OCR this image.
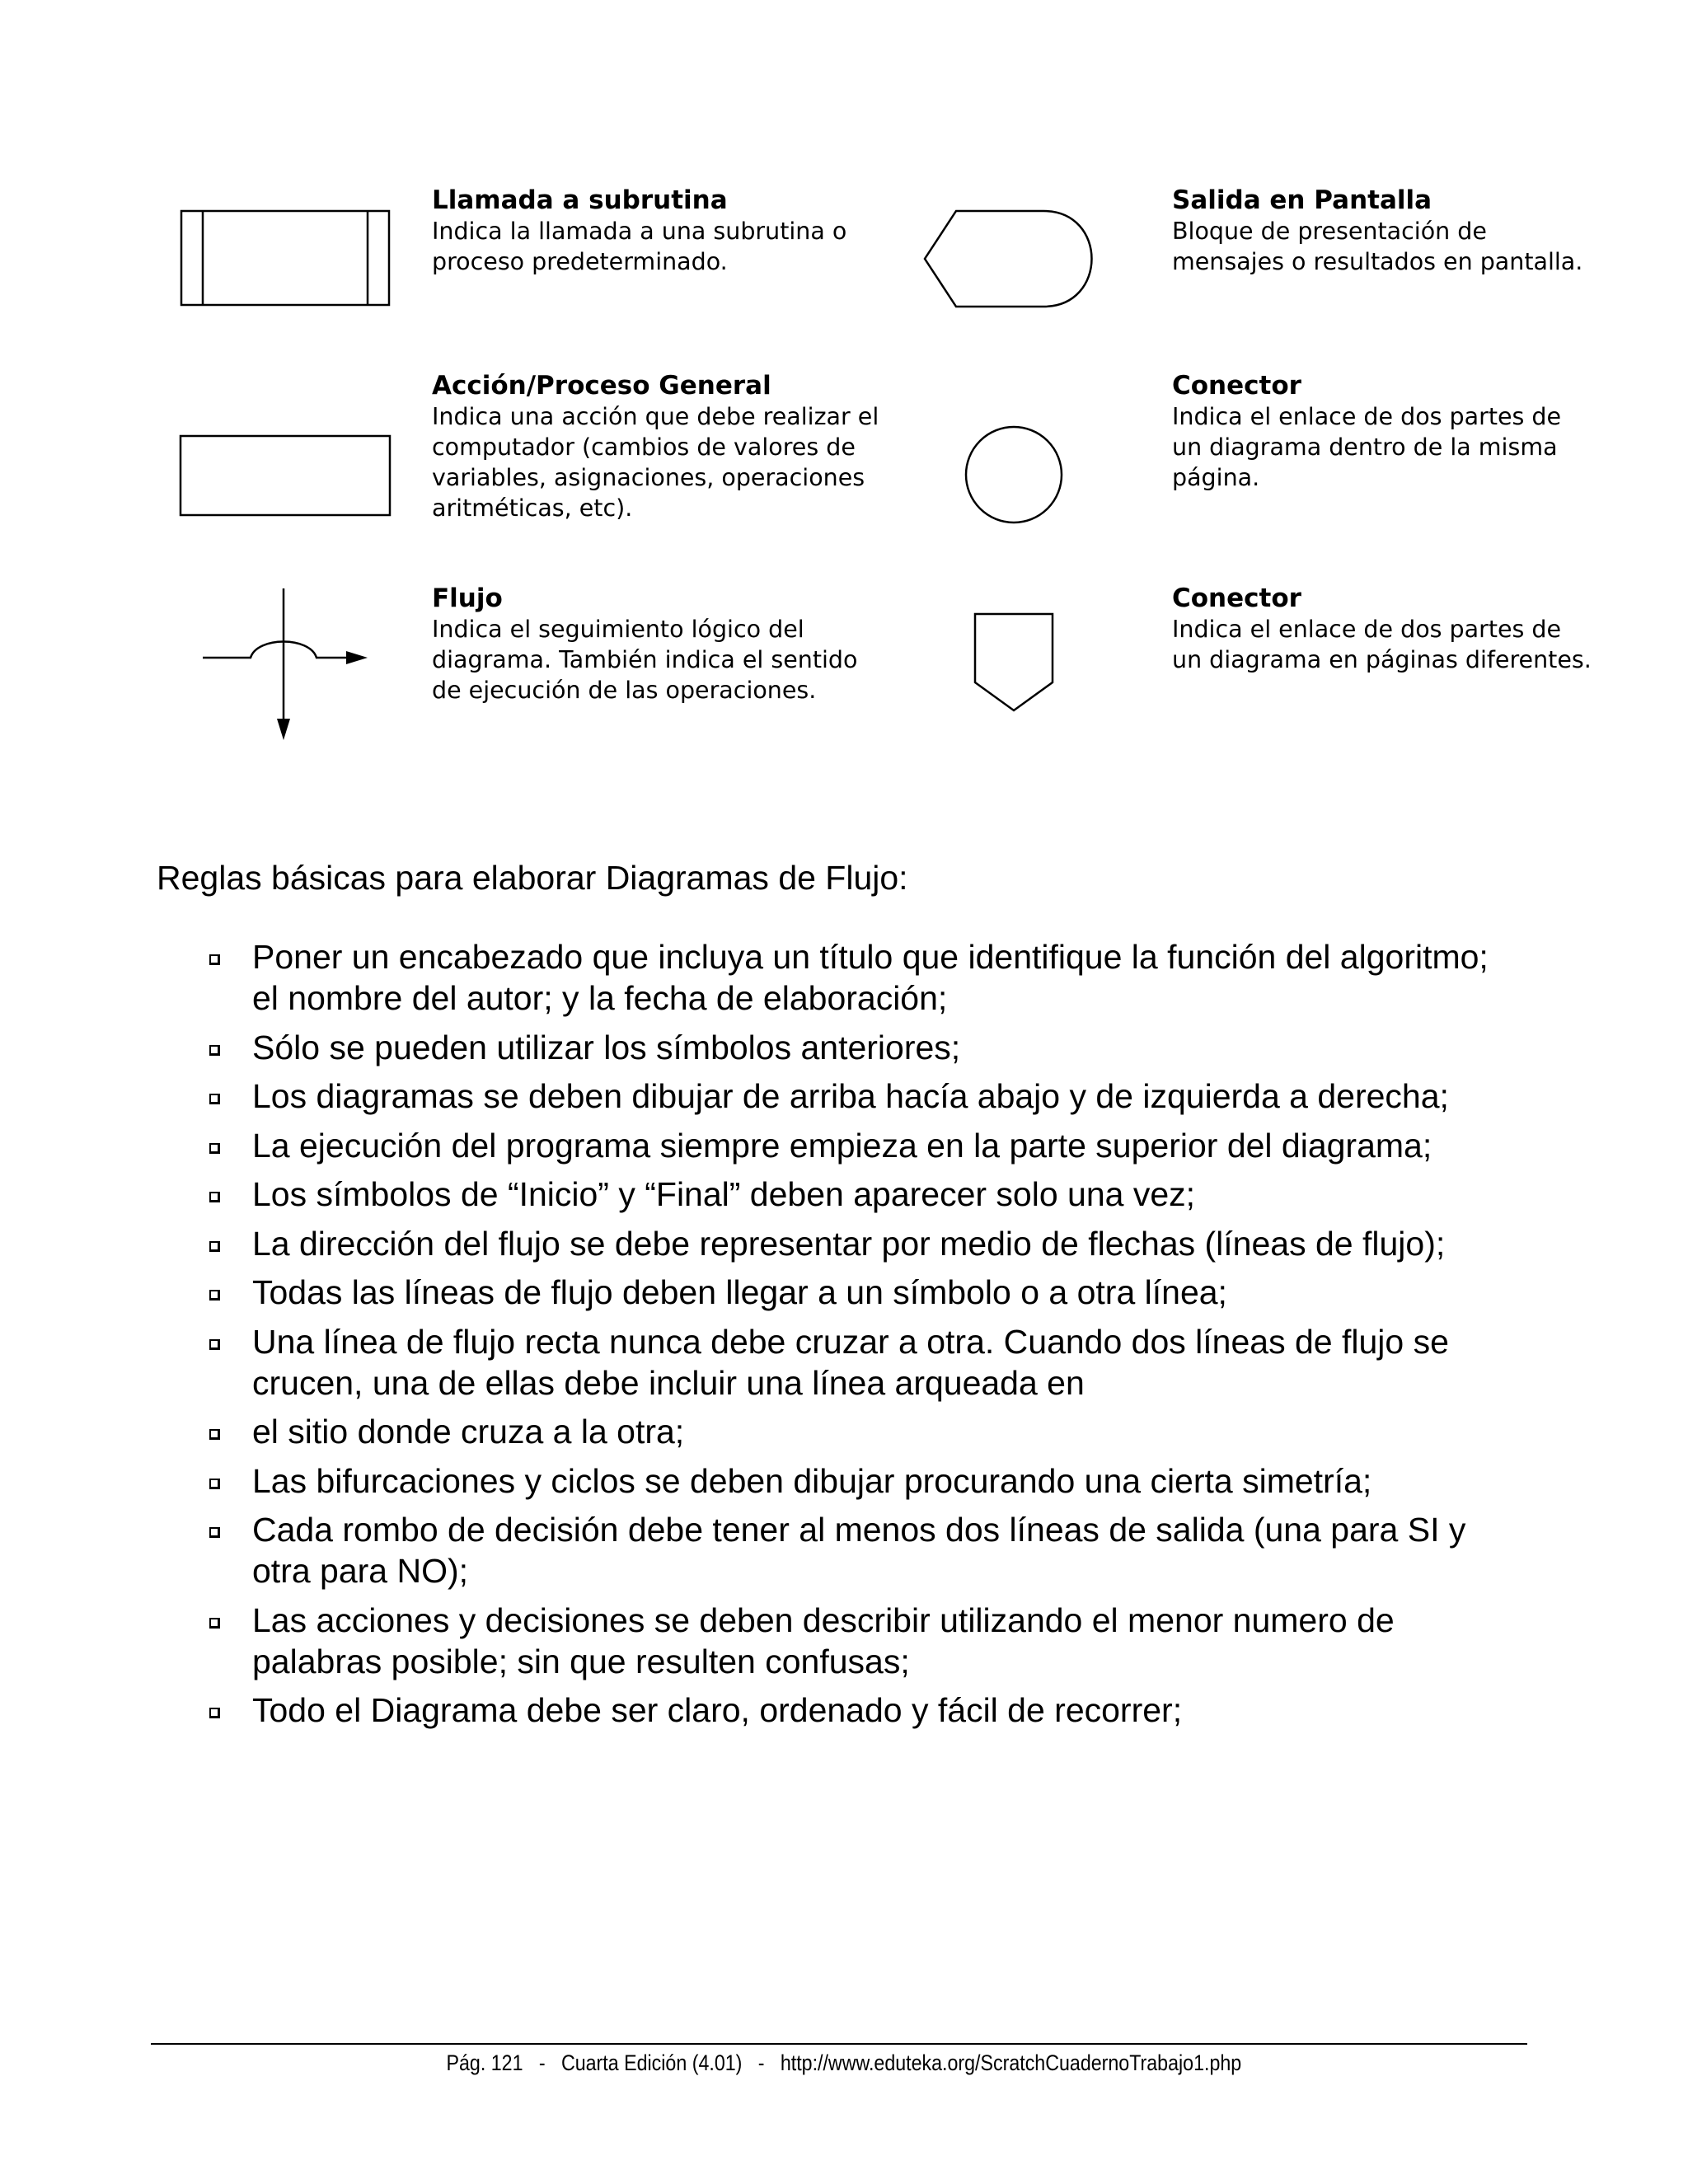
Llamada a subrutina
Indica la llamada a una subrutina o
proceso predeterminado.
Salida en Pantalla
Bloque de presentación de
mensajes o resultados en pantalla.
Acción/Proceso General
Indica una acción que debe realizar el
computador (cambios de valores de
variables, asignaciones, operaciones
aritméticas, etc).
Conector
Indica el enlace de dos partes de
un diagrama dentro de la misma
página.
Flujo
Indica el seguimiento lógico del
diagrama. También indica el sentido
de ejecución de las operaciones.
Conector
Indica el enlace de dos partes de
un diagrama en páginas diferentes.
Reglas básicas para elaborar Diagramas de Flujo:
Poner un encabezado que incluya un título que identifique la función del algoritmo;
el nombre del autor; y la fecha de elaboración;
Sólo se pueden utilizar los símbolos anteriores;
Los diagramas se deben dibujar de arriba hacía abajo y de izquierda a derecha;
La ejecución del programa siempre empieza en la parte superior del diagrama;
Los símbolos de “Inicio” y “Final” deben aparecer solo una vez;
La dirección del flujo se debe representar por medio de flechas (líneas de flujo);
Todas las líneas de flujo deben llegar a un símbolo o a otra línea;
Una línea de flujo recta nunca debe cruzar a otra. Cuando dos líneas de flujo se
crucen, una de ellas debe incluir una línea arqueada en
el sitio donde cruza a la otra;
Las bifurcaciones y ciclos se deben dibujar procurando una cierta simetría;
Cada rombo de decisión debe tener al menos dos líneas de salida (una para SI y
otra para NO);
Las acciones y decisiones se deben describir utilizando el menor numero de
palabras posible; sin que resulten confusas;
Todo el Diagrama debe ser claro, ordenado y fácil de recorrer;
Pág. 121 - Cuarta Edición (4.01) - http://www.eduteka.org/ScratchCuadernoTrabajo1.php
